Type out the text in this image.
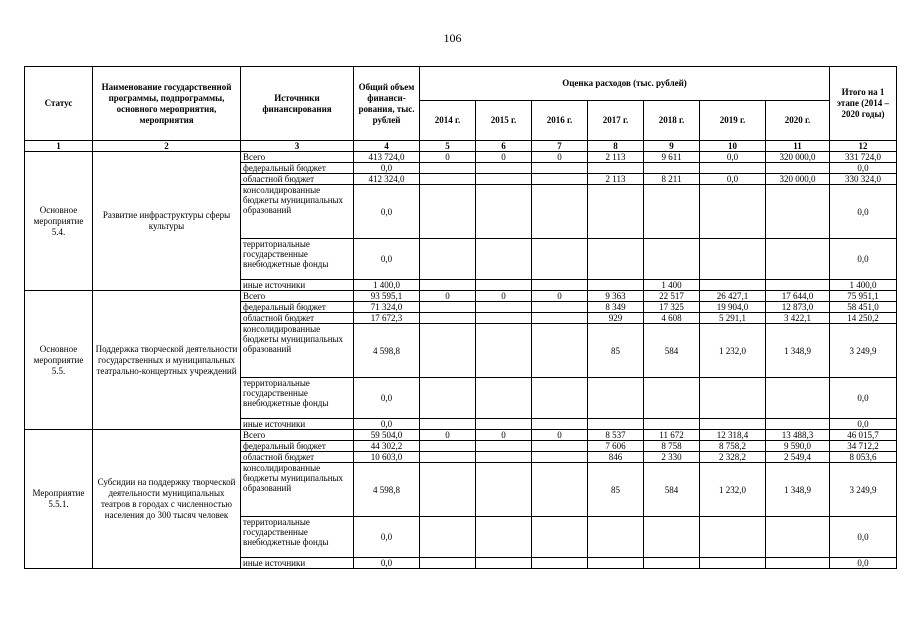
106
Статус	Наименование государственной программы, подпрограммы, основного мероприятия, мероприятия	Источники финансирования	Общий объем финанси-рования, тыс. рублей	Оценка расходов (тыс. рублей)							Итого на 1 этапе (2014 – 2020 годы)
				2014 г.	2015 г.	2016 г.	2017 г.	2018 г.	2019 г.	2020 г.	
1	2	3	4	5	6	7	8	9	10	11	12
Основное мероприятие 5.4.	Развитие инфраструктуры сферы культуры	Всего	413 724,0	0	0	0	2 113	9 611	0,0	320 000,0	331 724,0
		федеральный бюджет	0,0								0,0
		областной бюджет	412 324,0				2 113	8 211	0,0	320 000,0	330 324,0
		консолидированные бюджеты муниципальных образований	0,0								0,0
		территориальные государственные внебюджетные фонды	0,0								0,0
		иные источники	1 400,0					1 400			1 400,0
Основное мероприятие 5.5.	Поддержка творческой деятельности государственных и муниципальных театрально-концертных учреждений	Всего	93 595,1	0	0	0	9 363	22 517	26 427,1	17 644,0	75 951,1
		федеральный бюджет	71 324,0				8 349	17 325	19 904,0	12 873,0	58 451,0
		областной бюджет	17 672,3				929	4 608	5 291,1	3 422,1	14 250,2
		консолидированные бюджеты муниципальных образований	4 598,8				85	584	1 232,0	1 348,9	3 249,9
		территориальные государственные внебюджетные фонды	0,0								0,0
		иные источники	0,0								0,0
Мероприятие 5.5.1.	Субсидии на поддержку творческой деятельности муниципальных театров в городах с численностью населения до 300 тысяч человек	Всего	59 504,0	0	0	0	8 537	11 672	12 318,4	13 488,3	46 015,7
		федеральный бюджет	44 302,2				7 606	8 758	8 758,2	9 590,0	34 712,2
		областной бюджет	10 603,0				846	2 330	2 328,2	2 549,4	8 053,6
		консолидированные бюджеты муниципальных образований	4 598,8				85	584	1 232,0	1 348,9	3 249,9
		территориальные государственные внебюджетные фонды	0,0								0,0
		иные источники	0,0								0,0
